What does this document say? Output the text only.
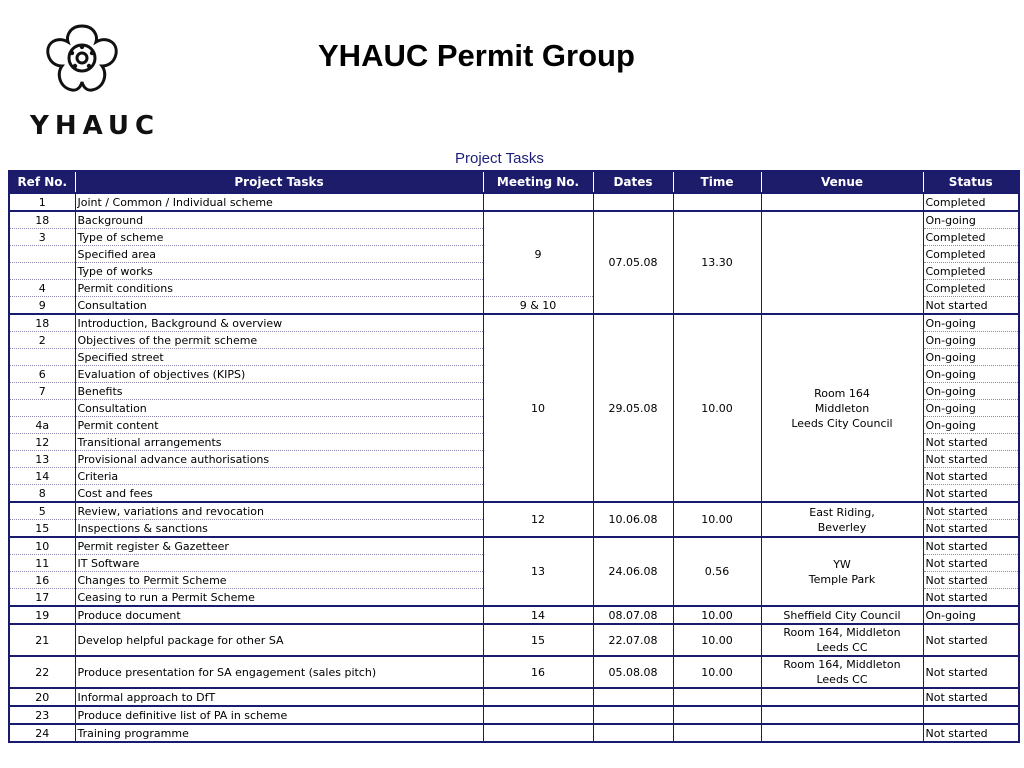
YHAUC
YHAUC Permit Group
Project Tasks
Ref No.	Project Tasks	Meeting No.	Dates	Time	Venue	Status
1	Joint / Common / Individual scheme					Completed
18	Background	9	07.05.08	13.30		On-going
3	Type of scheme					Completed
	Specified area					Completed
	Type of works					Completed
4	Permit conditions					Completed
9	Consultation	9 & 10				Not started
18	Introduction, Background & overview	10	29.05.08	10.00	Room 164
Middleton
Leeds City Council	On-going
2	Objectives of the permit scheme					On-going
	Specified street					On-going
6	Evaluation of objectives (KIPS)					On-going
7	Benefits					On-going
	Consultation					On-going
4a	Permit content					On-going
12	Transitional arrangements					Not started
13	Provisional advance authorisations					Not started
14	Criteria					Not started
8	Cost and fees					Not started
5	Review, variations and revocation	12	10.06.08	10.00	East Riding,
Beverley	Not started
15	Inspections & sanctions					Not started
10	Permit register & Gazetteer	13	24.06.08	0.56	YW
Temple Park	Not started
11	IT Software					Not started
16	Changes to Permit Scheme					Not started
17	Ceasing to run a Permit Scheme					Not started
19	Produce document	14	08.07.08	10.00	Sheffield City Council	On-going
21	Develop helpful package for other SA	15	22.07.08	10.00	Room 164, Middleton
Leeds CC	Not started
22	Produce presentation for SA engagement (sales pitch)	16	05.08.08	10.00	Room 164, Middleton
Leeds CC	Not started
20	Informal approach to DfT					Not started
23	Produce definitive list of PA in scheme					
24	Training programme					Not started
